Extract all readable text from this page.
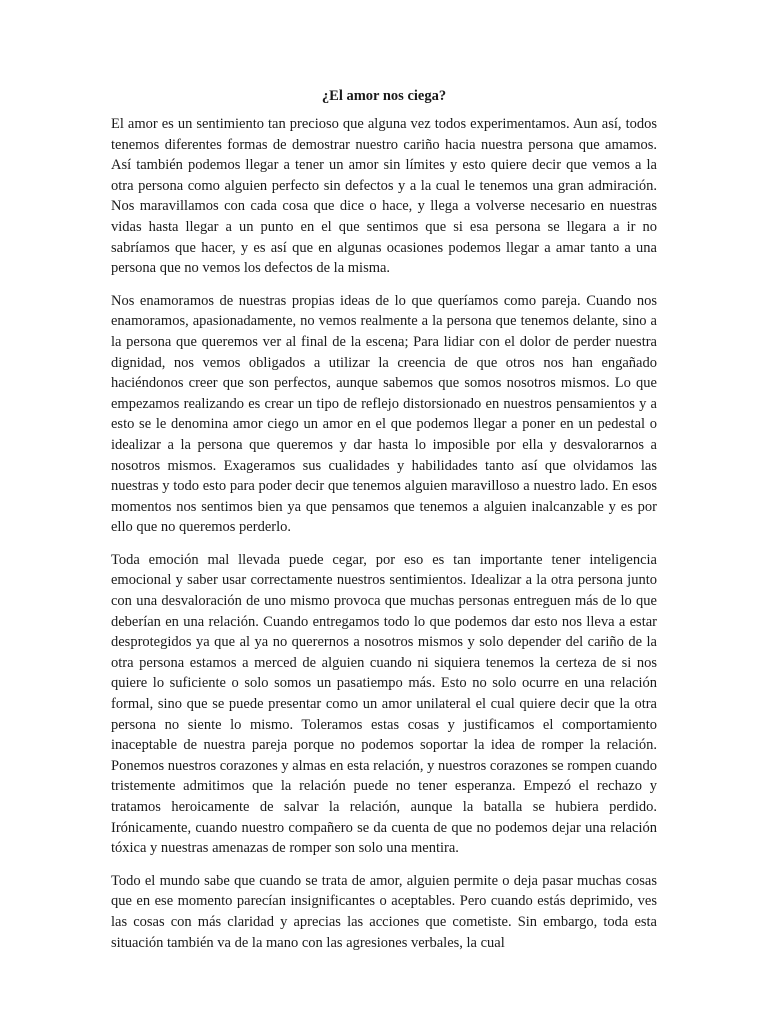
¿El amor nos ciega?

El amor es un sentimiento tan precioso que alguna vez todos experimentamos. Aun así, todos tenemos diferentes formas de demostrar nuestro cariño hacia nuestra persona que amamos. Así también podemos llegar a tener un amor sin límites y esto quiere decir que vemos a la otra persona como alguien perfecto sin defectos y a la cual le tenemos una gran admiración. Nos maravillamos con cada cosa que dice o hace, y llega a volverse necesario en nuestras vidas hasta llegar a un punto en el que sentimos que si esa persona se llegara a ir no sabríamos que hacer, y es así que en algunas ocasiones podemos llegar a amar tanto a una persona que no vemos los defectos de la misma.

Nos enamoramos de nuestras propias ideas de lo que queríamos como pareja. Cuando nos enamoramos, apasionadamente, no vemos realmente a la persona que tenemos delante, sino a la persona que queremos ver al final de la escena; Para lidiar con el dolor de perder nuestra dignidad, nos vemos obligados a utilizar la creencia de que otros nos han engañado haciéndonos creer que son perfectos, aunque sabemos que somos nosotros mismos. Lo que empezamos realizando es crear un tipo de reflejo distorsionado en nuestros pensamientos y a esto se le denomina amor ciego un amor en el que podemos llegar a poner en un pedestal o idealizar a la persona que queremos y dar hasta lo imposible por ella y desvalorarnos a nosotros mismos. Exageramos sus cualidades y habilidades tanto así que olvidamos las nuestras y todo esto para poder decir que tenemos alguien maravilloso a nuestro lado. En esos momentos nos sentimos bien ya que pensamos que tenemos a alguien inalcanzable y es por ello que no queremos perderlo.

Toda emoción mal llevada puede cegar, por eso es tan importante tener inteligencia emocional y saber usar correctamente nuestros sentimientos. Idealizar a la otra persona junto con una desvaloración de uno mismo provoca que muchas personas entreguen más de lo que deberían en una relación. Cuando entregamos todo lo que podemos dar esto nos lleva a estar desprotegidos ya que al ya no querernos a nosotros mismos y solo depender del cariño de la otra persona estamos a merced de alguien cuando ni siquiera tenemos la certeza de si nos quiere lo suficiente o solo somos un pasatiempo más. Esto no solo ocurre en una relación formal, sino que se puede presentar como un amor unilateral el cual quiere decir que la otra persona no siente lo mismo. Toleramos estas cosas y justificamos el comportamiento inaceptable de nuestra pareja porque no podemos soportar la idea de romper la relación. Ponemos nuestros corazones y almas en esta relación, y nuestros corazones se rompen cuando tristemente admitimos que la relación puede no tener esperanza. Empezó el rechazo y tratamos heroicamente de salvar la relación, aunque la batalla se hubiera perdido. Irónicamente, cuando nuestro compañero se da cuenta de que no podemos dejar una relación tóxica y nuestras amenazas de romper son solo una mentira.

Todo el mundo sabe que cuando se trata de amor, alguien permite o deja pasar muchas cosas que en ese momento parecían insignificantes o aceptables. Pero cuando estás deprimido, ves las cosas con más claridad y aprecias las acciones que cometiste. Sin embargo, toda esta situación también va de la mano con las agresiones verbales, la cual
